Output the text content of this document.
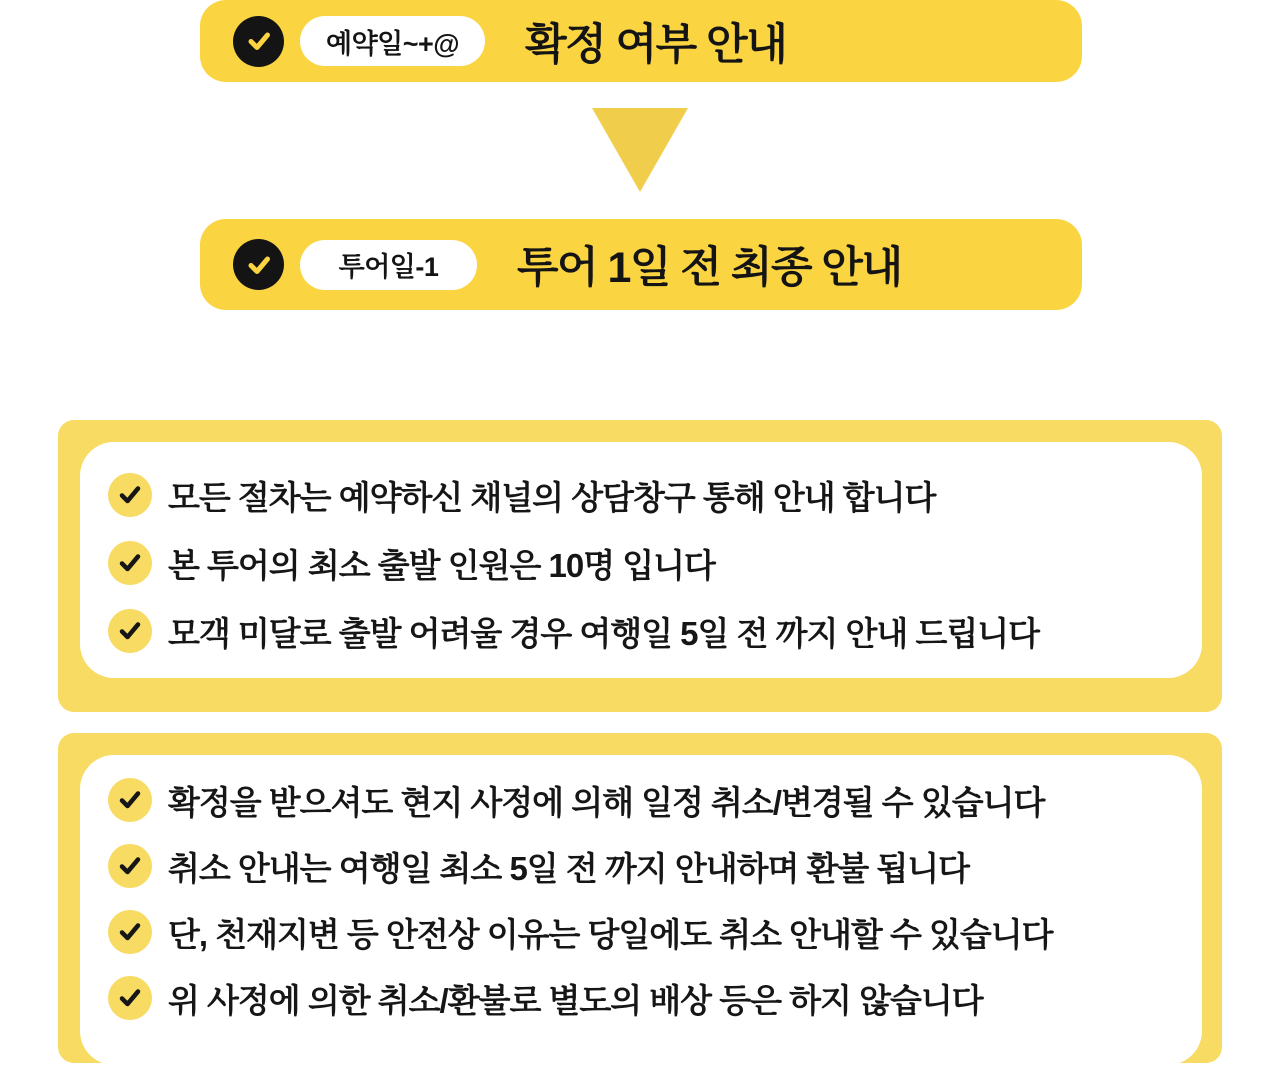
예약일~+@	확정 여부 안내
투어일-1	투어 1일 전 최종 안내
모든 절차는 예약하신 채널의 상담창구 통해 안내 합니다
본 투어의 최소 출발 인원은 10명 입니다
모객 미달로 출발 어려울 경우 여행일 5일 전 까지 안내 드립니다
확정을 받으셔도 현지 사정에 의해 일정 취소/변경될 수 있습니다
취소 안내는 여행일 최소 5일 전 까지 안내하며 환불 됩니다
단, 천재지변 등 안전상 이유는 당일에도 취소 안내할 수 있습니다
위 사정에 의한 취소/환불로 별도의 배상 등은 하지 않습니다
